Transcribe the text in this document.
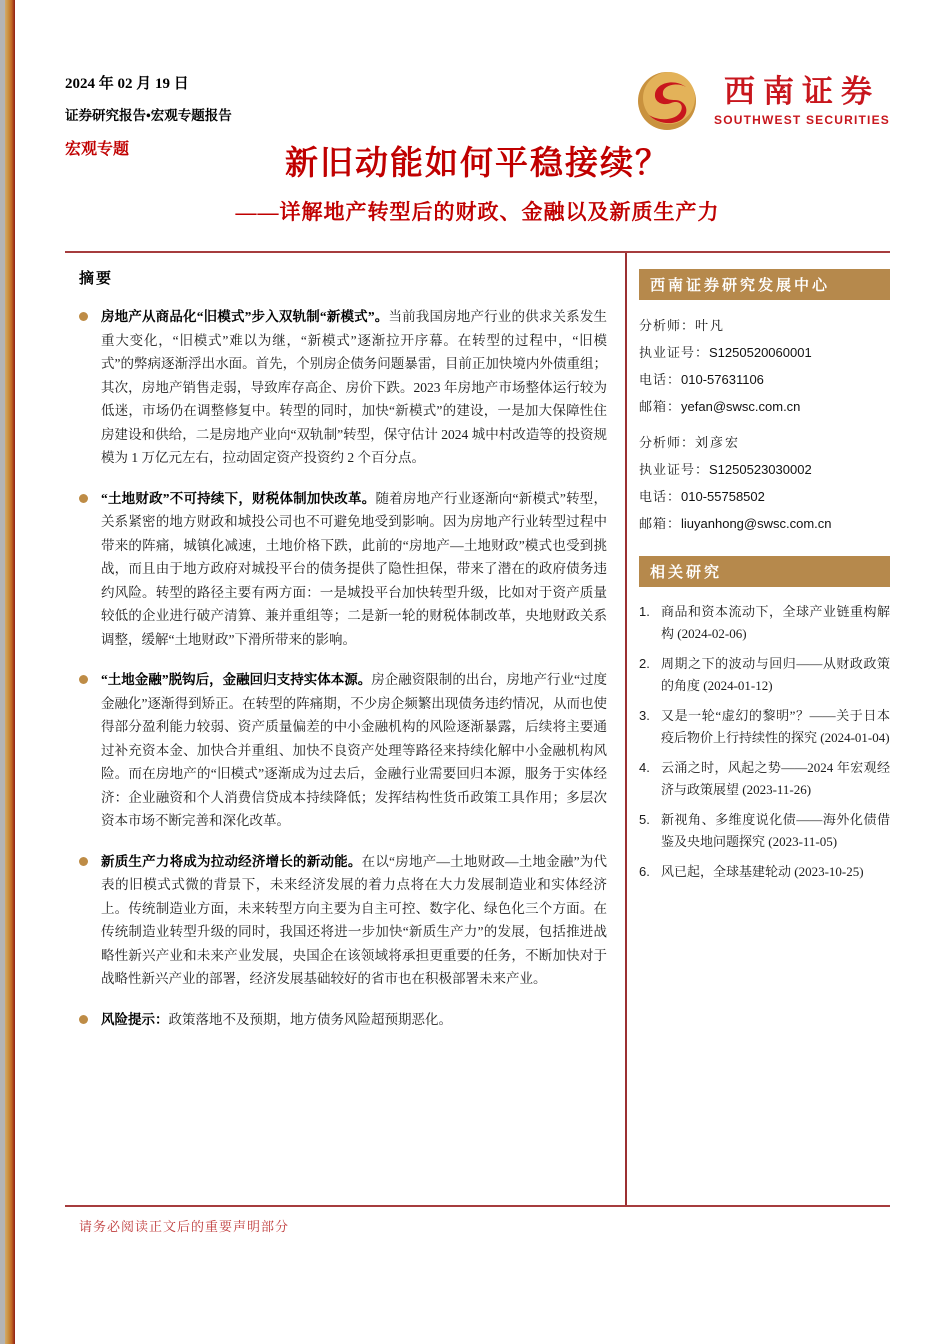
2024 年 02 月 19 日
证券研究报告•宏观专题报告
宏观专题
西南证券
SOUTHWEST SECURITIES
新旧动能如何平稳接续？
——详解地产转型后的财政、金融以及新质生产力
摘要
房地产从商品化“旧模式”步入双轨制“新模式”。当前我国房地产行业的供求关系发生重大变化，“旧模式”难以为继，“新模式”逐渐拉开序幕。在转型的过程中，“旧模式”的弊病逐渐浮出水面。首先，个别房企债务问题暴雷，目前正加快境内外债重组；其次，房地产销售走弱，导致库存高企、房价下跌。2023 年房地产市场整体运行较为低迷，市场仍在调整修复中。转型的同时，加快“新模式”的建设，一是加大保障性住房建设和供给，二是房地产业向“双轨制”转型，保守估计 2024 城中村改造等的投资规模为 1 万亿元左右，拉动固定资产投资约 2 个百分点。
“土地财政”不可持续下，财税体制加快改革。随着房地产行业逐渐向“新模式”转型，关系紧密的地方财政和城投公司也不可避免地受到影响。因为房地产行业转型过程中带来的阵痛，城镇化减速，土地价格下跌，此前的“房地产—土地财政”模式也受到挑战，而且由于地方政府对城投平台的债务提供了隐性担保，带来了潜在的政府债务违约风险。转型的路径主要有两方面：一是城投平台加快转型升级，比如对于资产质量较低的企业进行破产清算、兼并重组等；二是新一轮的财税体制改革，央地财政关系调整，缓解“土地财政”下滑所带来的影响。
“土地金融”脱钩后，金融回归支持实体本源。房企融资限制的出台，房地产行业“过度金融化”逐渐得到矫正。在转型的阵痛期，不少房企频繁出现债务违约情况，从而也使得部分盈利能力较弱、资产质量偏差的中小金融机构的风险逐渐暴露，后续将主要通过补充资本金、加快合并重组、加快不良资产处理等路径来持续化解中小金融机构风险。而在房地产的“旧模式”逐渐成为过去后，金融行业需要回归本源，服务于实体经济：企业融资和个人消费信贷成本持续降低；发挥结构性货币政策工具作用；多层次资本市场不断完善和深化改革。
新质生产力将成为拉动经济增长的新动能。在以“房地产—土地财政—土地金融”为代表的旧模式式微的背景下，未来经济发展的着力点将在大力发展制造业和实体经济上。传统制造业方面，未来转型方向主要为自主可控、数字化、绿色化三个方面。在传统制造业转型升级的同时，我国还将进一步加快“新质生产力”的发展，包括推进战略性新兴产业和未来产业发展，央国企在该领域将承担更重要的任务，不断加快对于战略性新兴产业的部署，经济发展基础较好的省市也在积极部署未来产业。
风险提示：政策落地不及预期，地方债务风险超预期恶化。
西南证券研究发展中心
分析师：叶凡
执业证号：S1250520060001
电话：010-57631106
邮箱：yefan@swsc.com.cn
分析师：刘彦宏
执业证号：S1250523030002
电话：010-55758502
邮箱：liuyanhong@swsc.com.cn
相关研究
1. 商品和资本流动下，全球产业链重构解构 (2024-02-06)
2. 周期之下的波动与回归——从财政政策的角度 (2024-01-12)
3. 又是一轮“虚幻的黎明”？——关于日本疫后物价上行持续性的探究 (2024-01-04)
4. 云涌之时，风起之势——2024 年宏观经济与政策展望 (2023-11-26)
5. 新视角、多维度说化债——海外化债借鉴及央地问题探究 (2023-11-05)
6. 风已起，全球基建轮动 (2023-10-25)
请务必阅读正文后的重要声明部分
